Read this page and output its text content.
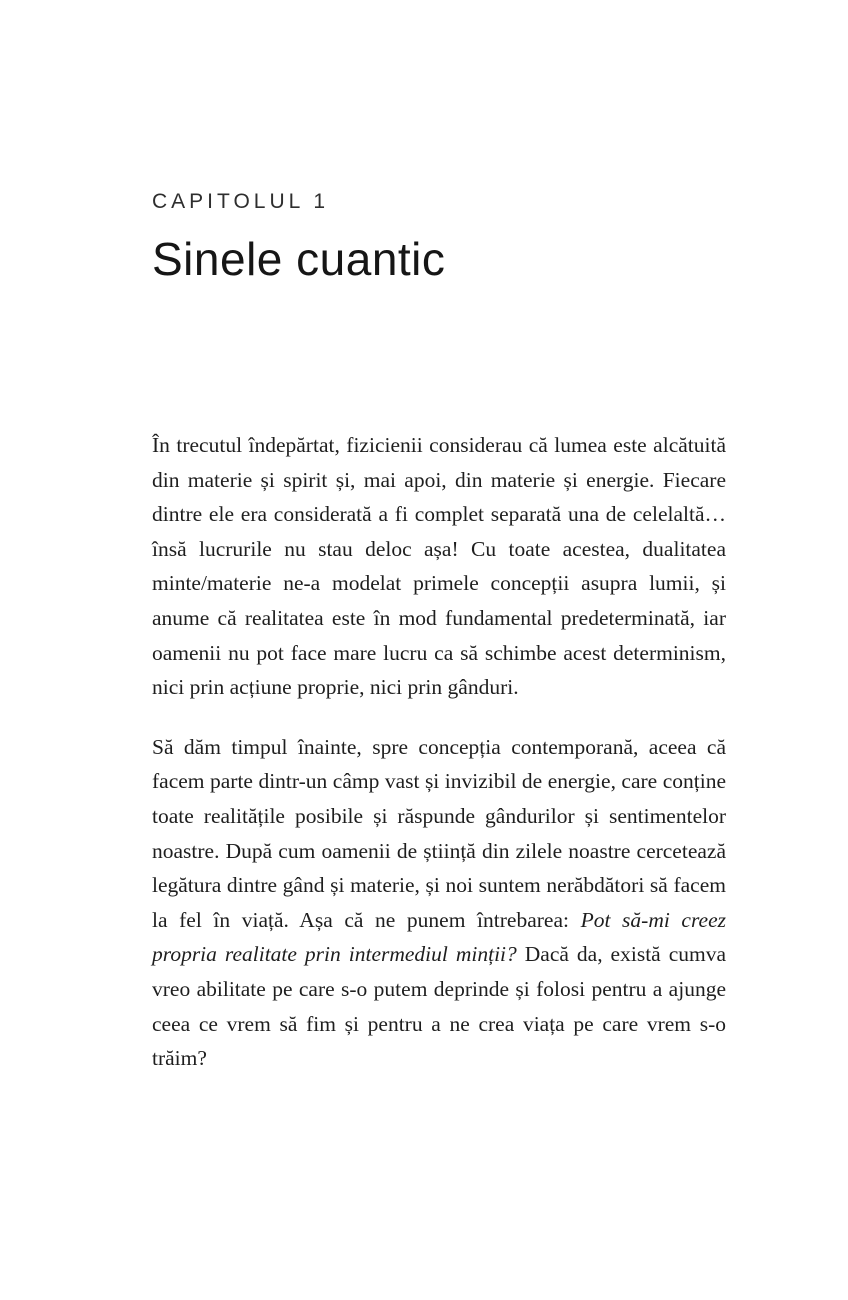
CAPITOLUL 1
Sinele cuantic

În trecutul îndepărtat, fizicienii considerau că lumea este alcătuită din materie și spirit și, mai apoi, din materie și energie. Fiecare dintre ele era considerată a fi complet separată una de celelaltă… însă lucrurile nu stau deloc așa! Cu toate acestea, dualitatea minte/materie ne-a modelat primele concepții asupra lumii, și anume că realitatea este în mod fundamental predeterminată, iar oamenii nu pot face mare lucru ca să schimbe acest determinism, nici prin acțiune proprie, nici prin gânduri.

Să dăm timpul înainte, spre concepția contemporană, aceea că facem parte dintr-un câmp vast și invizibil de energie, care conține toate realitățile posibile și răspunde gândurilor și sentimentelor noastre. După cum oamenii de știință din zilele noastre cercetează legătura dintre gând și materie, și noi suntem nerăbdători să facem la fel în viață. Așa că ne punem întrebarea: Pot să-mi creez propria realitate prin intermediul minții? Dacă da, există cumva vreo abilitate pe care s-o putem deprinde și folosi pentru a ajunge ceea ce vrem să fim și pentru a ne crea viața pe care vrem s-o trăim?
